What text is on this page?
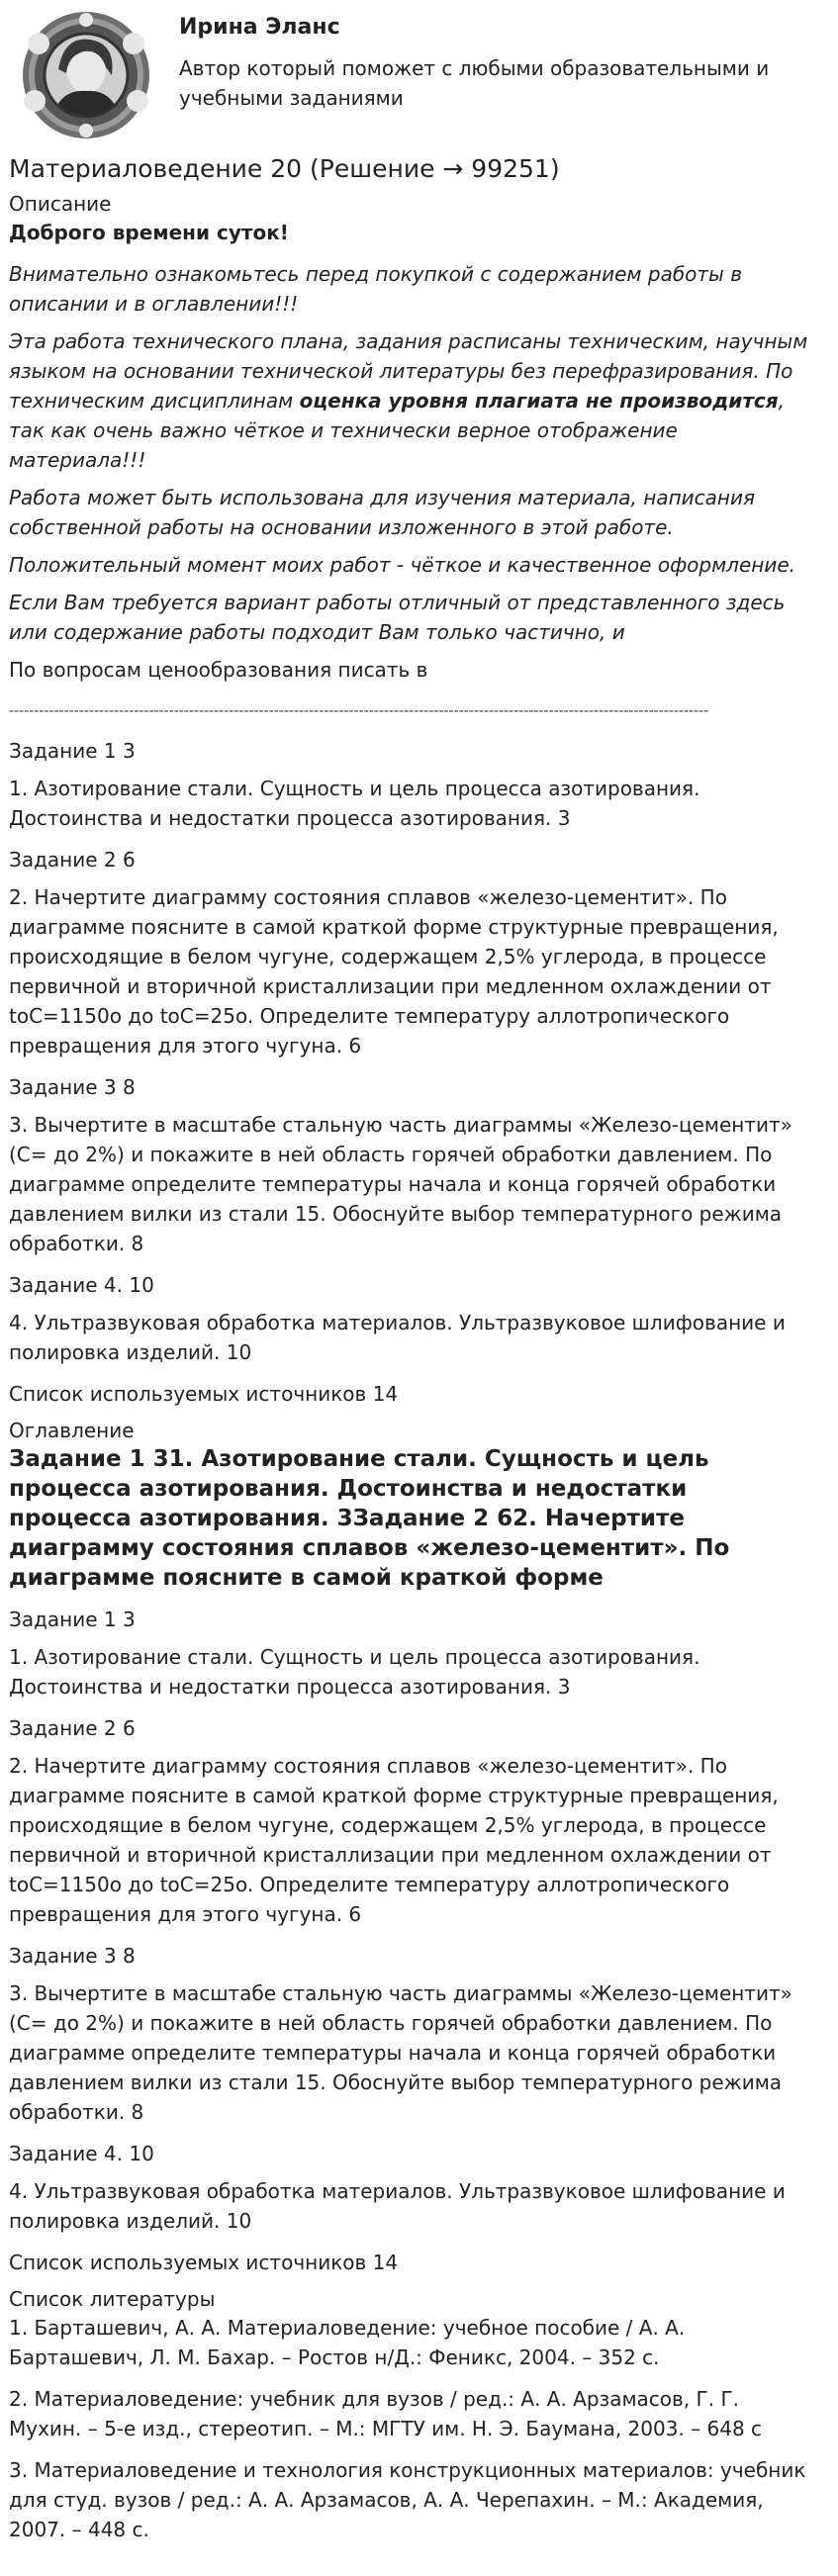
Ирина Эланс
Автор который поможет с любыми образовательными и учебными заданиями
Материаловедение 20 (Решение → 99251)
Описание

Доброго времени суток!

Внимательно ознакомьтесь перед покупкой с содержанием работы в описании и в оглавлении!!!

Эта работа технического плана, задания расписаны техническим, научным языком на основании технической литературы без перефразирования. По техническим дисциплинам оценка уровня плагиата не производится, так как очень важно чёткое и технически верное отображение материала!!!

Работа может быть использована для изучения материала, написания собственной работы на основании изложенного в этой работе.

Положительный момент моих работ - чёткое и качественное оформление.

Если Вам требуется вариант работы отличный от представленного здесь или содержание работы подходит Вам только частично, и

По вопросам ценообразования писать в

--------------------------------------------------------------------------------------------------------------------------------------------

Задание 1 3

1. Азотирование стали. Сущность и цель процесса азотирования. Достоинства и недостатки процесса азотирования. 3

Задание 2 6

2. Начертите диаграмму состояния сплавов «железо-цементит». По диаграмме поясните в самой краткой форме структурные превращения, происходящие в белом чугуне, содержащем 2,5% углерода, в процессе первичной и вторичной кристаллизации при медленном охлаждении от toC=1150o до toC=25o. Определите температуру аллотропического превращения для этого чугуна. 6

Задание 3 8

3. Вычертите в масштабе стальную часть диаграммы «Железо-цементит» (С= до 2%) и покажите в ней область горячей обработки давлением. По диаграмме определите температуры начала и конца горячей обработки давлением вилки из стали 15. Обоснуйте выбор температурного режима обработки. 8

Задание 4. 10

4. Ультразвуковая обработка материалов. Ультразвуковое шлифование и полировка изделий. 10

Список используемых источников 14

Оглавление
Задание 1 31. Азотирование стали. Сущность и цель процесса азотирования. Достоинства и недостатки процесса азотирования. 3Задание 2 62. Начертите диаграмму состояния сплавов «железо-цементит». По диаграмме поясните в самой краткой форме

Задание 1 3

1. Азотирование стали. Сущность и цель процесса азотирования. Достоинства и недостатки процесса азотирования. 3

Задание 2 6

2. Начертите диаграмму состояния сплавов «железо-цементит». По диаграмме поясните в самой краткой форме структурные превращения, происходящие в белом чугуне, содержащем 2,5% углерода, в процессе первичной и вторичной кристаллизации при медленном охлаждении от toC=1150o до toC=25o. Определите температуру аллотропического превращения для этого чугуна. 6

Задание 3 8

3. Вычертите в масштабе стальную часть диаграммы «Железо-цементит» (С= до 2%) и покажите в ней область горячей обработки давлением. По диаграмме определите температуры начала и конца горячей обработки давлением вилки из стали 15. Обоснуйте выбор температурного режима обработки. 8

Задание 4. 10

4. Ультразвуковая обработка материалов. Ультразвуковое шлифование и полировка изделий. 10

Список используемых источников 14

Список литературы

1. Барташевич, А. А. Материаловедение: учебное пособие / А. А. Барташевич, Л. М. Бахар. – Ростов н/Д.: Феникс, 2004. – 352 с.

2. Материаловедение: учебник для вузов / ред.: А. А. Арзамасов, Г. Г. Мухин. – 5-е изд., стереотип. – М.: МГТУ им. Н. Э. Баумана, 2003. – 648 с

3. Материаловедение и технология конструкционных материалов: учебник для студ. вузов / ред.: А. А. Арзамасов, А. А. Черепахин. – М.: Академия, 2007. – 448 с.
